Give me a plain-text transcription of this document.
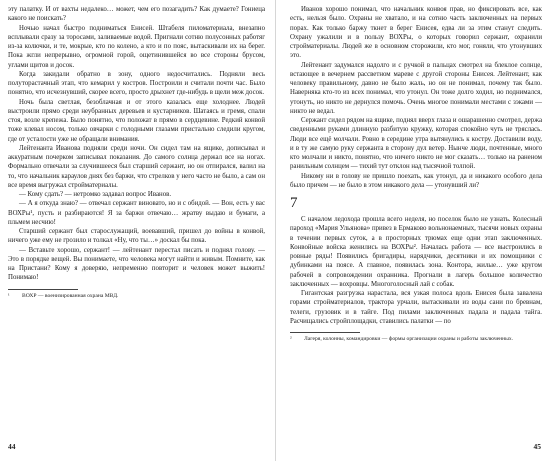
эту палатку. И от вахты недалеко… может, чем его позагадить? Как думаете? Гониеца какого не поискать?

Ночью начал быстро подниматься Енисей. Штабеля пиломатериала, внезапно всплывали сразу за торосами, заливаемые водой. Пригнали сотню полусонных работяг из-за колючки, и те, мокрые, кто по колено, а кто и по пояс, вытаскивали их на берег. Пока жгли непрерывно, огромной горой, ощетинившейся во все стороны брусом, углами щитов и досок.

Когда закидали обратно в зону, одного недосчитались. Подняли весь полуторастачный этап, что кемарил у костров. Построили и считали почти час. Было понятно, что исчезнувший, скорее всего, просто дрыхнет где-нибудь в щели меж досок.

Ночь была светлая, безоблачная и от этого казалась еще холоднее. Людей выстроили прямо среди неубранных деревьев и кустарников. Шатаясь и гремя, спали стоя, возле крепежа. Было понятно, что положат в прямо в сердцевине. Редкий конвой тоже клевал носом, только овчарки с голодными глазами пристально следили кругом, где от усталости уже не обращали внимания.

Лейтенанта Иванова подняли среди ночи. Он сидел там на ящике, дописывал и аккуратным почерком записывал показания. До самого солнца держал все на ногах. Формально отвечали за случившееся был старший сержант, но он отпирался, валил на то, что начальник караулов днях без баржи, что стрелков у него часто не было, а сам он все время выгружал стройматериалы.

— Кому сдать? — нетромко задавал вопрос Иванов.

— А я откуда знаю? — отвечал сержант виновато, но и с обидой. — Вон, есть у вас ВОХРы¹, пусть и разбираются! Я за баржи отвечаю… жратву выдаю и бумаги, а пльмем несчию!

Старший сержант был старослужащий, воевавший, пришел до войны в конвой, ничего уже ему не грозило и толкал «Ну, что ты…» доскал бы пока.

— Вставьте хорошо, сержант! — лейтенант перестал писать и поднял голову. — Это в порядке вещей. Вы понимаете, что человека могут найти и живым. Помните, как на Пристани? Кому я доверяю, непременно повторит и человек может выжить! Понимаю!

¹	ВОХР — военизированная охрана МВД.
44

Иванов хорошо понимал, что начальник конвоя прав, но фиксировать все, как есть, нельзя было. Охраны не хватало, и на сотню часть заключенных на первых порах. Как только баржу ткнет в берег Енисея, едва ли за этим станут следить. Охрану ужалили и в пользу ВОХРы, о которых говорил сержант, охранили стройматериалы. Людей же в основном сторожили, кто мог, гоняли, что утонувших это.

Лейтенант задумался надолго и с ручкой в пальцах смотрел на блеклое солнце, встающее в вечернем рассветном мареве с другой стороны Енисея. Лейтенант, как человеку правильному, давно не было жаль, но он не понимал, почему так было. Наверняка кто-то из всех понимал, что утонул. Он тоже долго ходил, но поднимался, утонуть, но никто не дернулся помочь. Очень многое понимали местами с зэками — никто не ведал.

Сержант сидел рядом на ящике, поднял вверх глаза и ошарашенно смотрел, держа сведенными руками длинную разбитую кружку, которая спокойно чуть не тряслась. Люди все ещё молчали. Ровно в середине утра вытянулись к костру. Доставили воду, и в ту же самую руку сержанта в сторону дул ветер. Нынче люди, почтенные, много кто молчали и никто, понятно, что ничего никто не мог сказать… только на раненом ранильным солнцем — тихий тут отклон над тысячной толпой.

Никому ни в голову не пришло поехать, как утонул, да и никакого особого дела было причем — не было в этом никакого дела — утонувший ли?

7

С началом ледохода прошла всего неделя, но поселок было не узнать. Колесный пароход «Мария Ульянова» привез в Ермаково вольнонаемных, тысячи новых охраны в течении первых суток, а в просторных трюмах еще одни этап заключенных. Конвойные войска женились на ВОХРы². Началась работа — все выстроились в ровные ряды! Появились бригадиры, нарядчики, десятники и их помощники с дубинками на поясе. А главное, появилась зона. Контора, жилые… уже кругом рабочей в сопровождении охранника. Прогнали в лагерь большое количество заключенных — вохровцы. Многоголосный лай с собак.

Гигантская разгрузка нарастала, вся узкая полоса вдоль Енисея была завалена горами стройматериалов, трактора урчали, вытаскивали из воды сани по бревнам, телеги, грузовик и в тайге. Под пилами заключенных падала и падала тайга. Расчищались стройплощадки, ставились палатки — по

²	Лагеря, колонны, командировки — формы организации охраны и работы заключенных.
45
